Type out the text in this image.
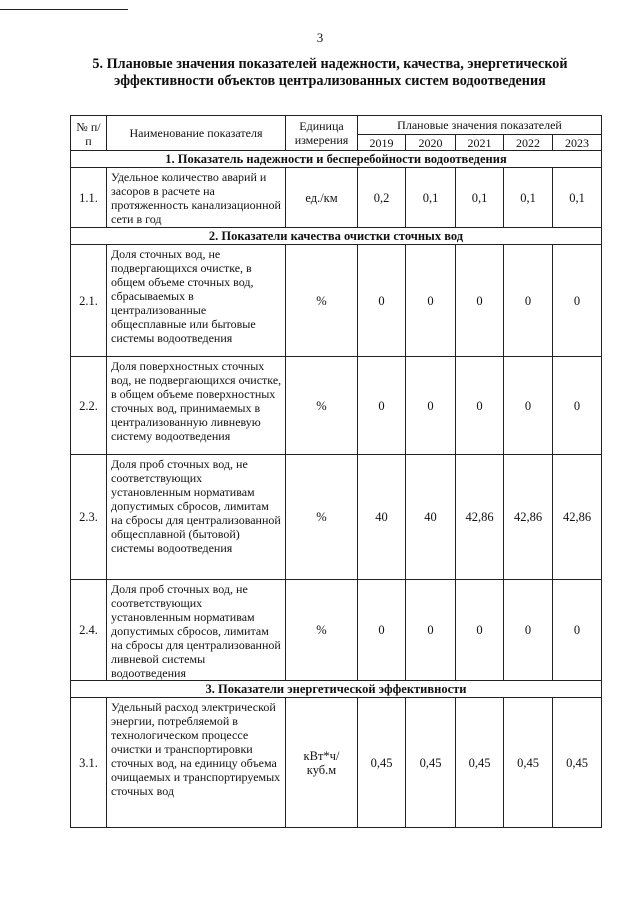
3
5. Плановые значения показателей надежности, качества, энергетической эффективности объектов централизованных систем водоотведения
№ п/п	Наименование показателя	Единица измерения	Плановые значения показателей				
			2019	2020	2021	2022	2023
1. Показатель надежности и бесперебойности водоотведения							
1.1.	Удельное количество аварий и засоров в расчете на протяженность канализационной сети в год	ед./км	0,2	0,1	0,1	0,1	0,1
2. Показатели качества очистки сточных вод							
2.1.	Доля сточных вод, не подвергающихся очистке, в общем объеме сточных вод, сбрасываемых в централизованные общесплавные или бытовые системы водоотведения	%	0	0	0	0	0
2.2.	Доля поверхностных сточных вод, не подвергающихся очистке, в общем объеме поверхностных сточных вод, принимаемых в централизованную ливневую систему водоотведения	%	0	0	0	0	0
2.3.	Доля проб сточных вод, не соответствующих установленным нормативам допустимых сбросов, лимитам на сбросы для централизованной общесплавной (бытовой) системы водоотведения	%	40	40	42,86	42,86	42,86
2.4.	Доля проб сточных вод, не соответствующих установленным нормативам допустимых сбросов, лимитам на сбросы для централизованной ливневой системы водоотведения	%	0	0	0	0	0
3. Показатели энергетической эффективности							
3.1.	Удельный расход электрической энергии, потребляемой в технологическом процессе очистки и транспортировки сточных вод, на единицу объема очищаемых и транспортируемых сточных вод	кВт*ч/ куб.м	0,45	0,45	0,45	0,45	0,45
